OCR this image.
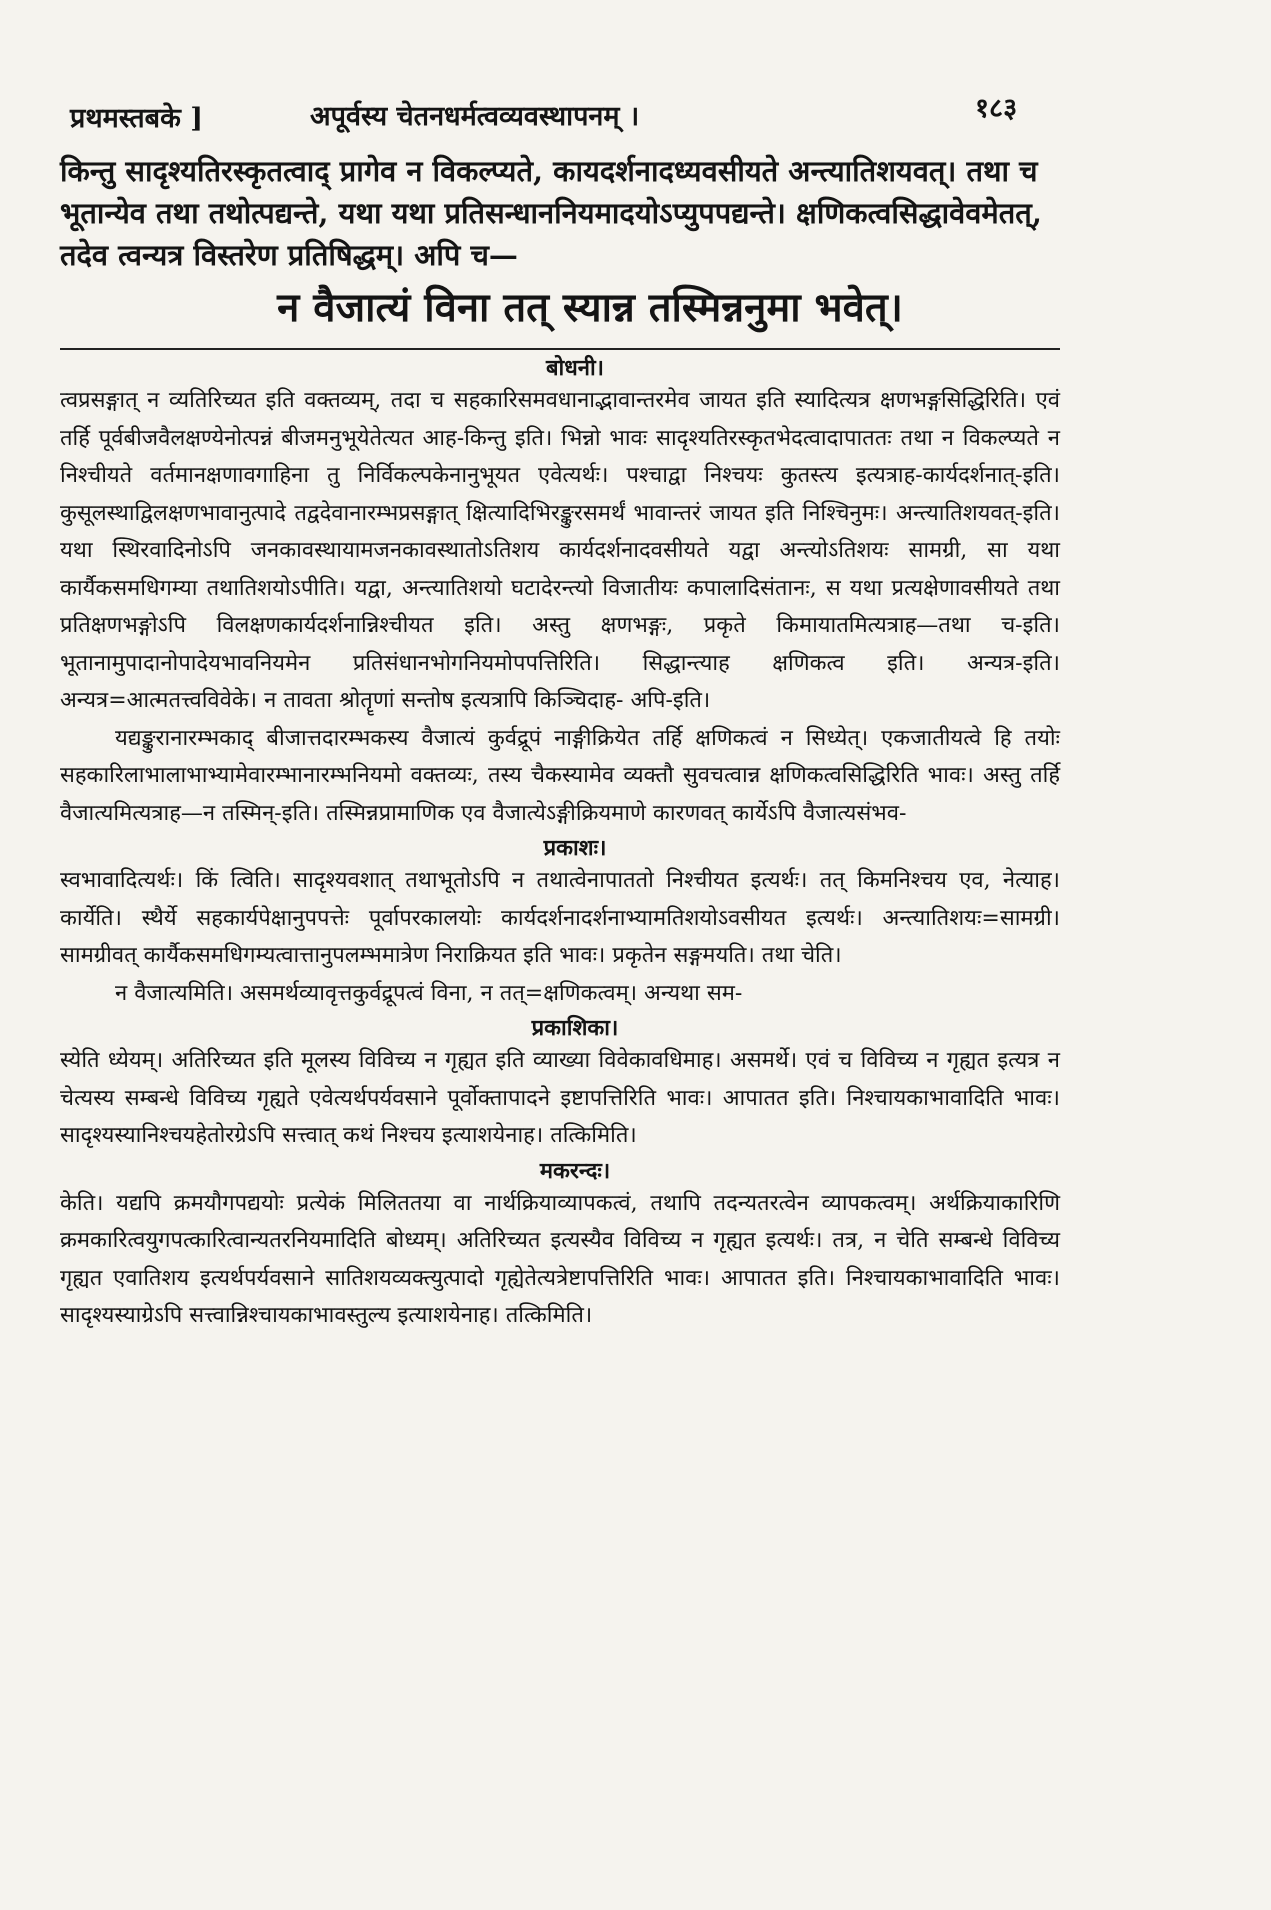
प्रथमस्तबके ]	अपूर्वस्य चेतनधर्मत्वव्यवस्थापनम् ।	१८३

किन्तु सादृश्यतिरस्कृतत्वाद् प्रागेव न विकल्प्यते, कायदर्शनादध्यवसीयते अन्त्यातिशयवत्। तथा च भूतान्येव तथा तथोत्पद्यन्ते, यथा यथा प्रतिसन्धाननियमादयोऽप्युपपद्यन्ते। क्षणिकत्वसिद्धावेवमेतत्, तदेव त्वन्यत्र विस्तरेण प्रतिषिद्धम्। अपि च—

न वैजात्यं विना तत् स्यान्न तस्मिन्ननुमा भवेत्।
बोधनी।

त्वप्रसङ्गात् न व्यतिरिच्यत इति वक्तव्यम्, तदा च सहकारिसमवधानाद्भावान्तरमेव जायत इति स्यादित्यत्र क्षणभङ्गसिद्धिरिति। एवं तर्हि पूर्वबीजवैलक्षण्येनोत्पन्नं बीजमनुभूयेतेत्यत आह-किन्तु इति। भिन्नो भावः सादृश्यतिरस्कृतभेदत्वादापाततः तथा न विकल्प्यते न निश्चीयते वर्तमानक्षणावगाहिना तु निर्विकल्पकेनानुभूयत एवेत्यर्थः। पश्चाद्वा निश्चयः कुतस्त्य इत्यत्राह-कार्यदर्शनात्-इति। कुसूलस्थाद्विलक्षणभावानुत्पादे तद्वदेवानारम्भप्रसङ्गात् क्षित्यादिभिरङ्कुरसमर्थं भावान्तरं जायत इति निश्चिनुमः। अन्त्यातिशयवत्-इति। यथा स्थिरवादिनोऽपि जनकावस्थायामजनकावस्थातोऽतिशय कार्यदर्शनादवसीयते यद्वा अन्त्योऽतिशयः सामग्री, सा यथा कार्यैकसमधिगम्या तथातिशयोऽपीति। यद्वा, अन्त्यातिशयो घटादेरन्त्यो विजातीयः कपालादिसंतानः, स यथा प्रत्यक्षेणावसीयते तथा प्रतिक्षणभङ्गोऽपि विलक्षणकार्यदर्शनान्निश्चीयत इति। अस्तु क्षणभङ्गः, प्रकृते किमायातमित्यत्राह—तथा च-इति। भूतानामुपादानोपादेयभावनियमेन प्रतिसंधानभोगनियमोपपत्तिरिति। सिद्धान्त्याह क्षणिकत्व इति। अन्यत्र-इति। अन्यत्र=आत्मतत्त्वविवेके। न तावता श्रोतॄणां सन्तोष इत्यत्रापि किञ्चिदाह- अपि-इति।

यद्यङ्कुरानारम्भकाद् बीजात्तदारम्भकस्य वैजात्यं कुर्वद्रूपं नाङ्गीक्रियेत तर्हि क्षणिकत्वं न सिध्येत्। एकजातीयत्वे हि तयोः सहकारिलाभालाभाभ्यामेवारम्भानारम्भनियमो वक्तव्यः, तस्य चैकस्यामेव व्यक्तौ सुवचत्वान्न क्षणिकत्वसिद्धिरिति भावः। अस्तु तर्हि वैजात्यमित्यत्राह—न तस्मिन्-इति। तस्मिन्नप्रामाणिक एव वैजात्येऽङ्गीक्रियमाणे कारणवत् कार्येऽपि वैजात्यसंभव-

प्रकाशः।

स्वभावादित्यर्थः। किं त्विति। सादृश्यवशात् तथाभूतोऽपि न तथात्वेनापाततो निश्चीयत इत्यर्थः। तत् किमनिश्चय एव, नेत्याह। कार्येति। स्थैर्ये सहकार्यपेक्षानुपपत्तेः पूर्वापरकालयोः कार्यदर्शनादर्शनाभ्यामतिशयोऽवसीयत इत्यर्थः। अन्त्यातिशयः=सामग्री। सामग्रीवत् कार्यैकसमधिगम्यत्वात्तानुपलम्भमात्रेण निराक्रियत इति भावः। प्रकृतेन सङ्गमयति। तथा चेति।

न वैजात्यमिति। असमर्थव्यावृत्तकुर्वद्रूपत्वं विना, न तत्=क्षणिकत्वम्। अन्यथा सम-

प्रकाशिका।

स्येति ध्येयम्। अतिरिच्यत इति मूलस्य विविच्य न गृह्यत इति व्याख्या विवेकावधिमाह। असमर्थे। एवं च विविच्य न गृह्यत इत्यत्र न चेत्यस्य सम्बन्धे विविच्य गृह्यते एवेत्यर्थपर्यवसाने पूर्वोक्तापादने इष्टापत्तिरिति भावः। आपातत इति। निश्चायकाभावादिति भावः। सादृश्यस्यानिश्चयहेतोरग्रेऽपि सत्त्वात् कथं निश्चय इत्याशयेनाह। तत्किमिति।

मकरन्दः।

केति। यद्यपि क्रमयौगपद्ययोः प्रत्येकं मिलिततया वा नार्थक्रियाव्यापकत्वं, तथापि तदन्यतरत्वेन व्यापकत्वम्। अर्थक्रियाकारिणि क्रमकारित्वयुगपत्कारित्वान्यतरनियमादिति बोध्यम्। अतिरिच्यत इत्यस्यैव विविच्य न गृह्यत इत्यर्थः। तत्र, न चेति सम्बन्धे विविच्य गृह्यत एवातिशय इत्यर्थपर्यवसाने सातिशयव्यक्त्युत्पादो गृह्येतेत्यत्रेष्टापत्तिरिति भावः। आपातत इति। निश्चायकाभावादिति भावः। सादृश्यस्याग्रेऽपि सत्त्वान्निश्चायकाभावस्तुल्य इत्याशयेनाह। तत्किमिति।
